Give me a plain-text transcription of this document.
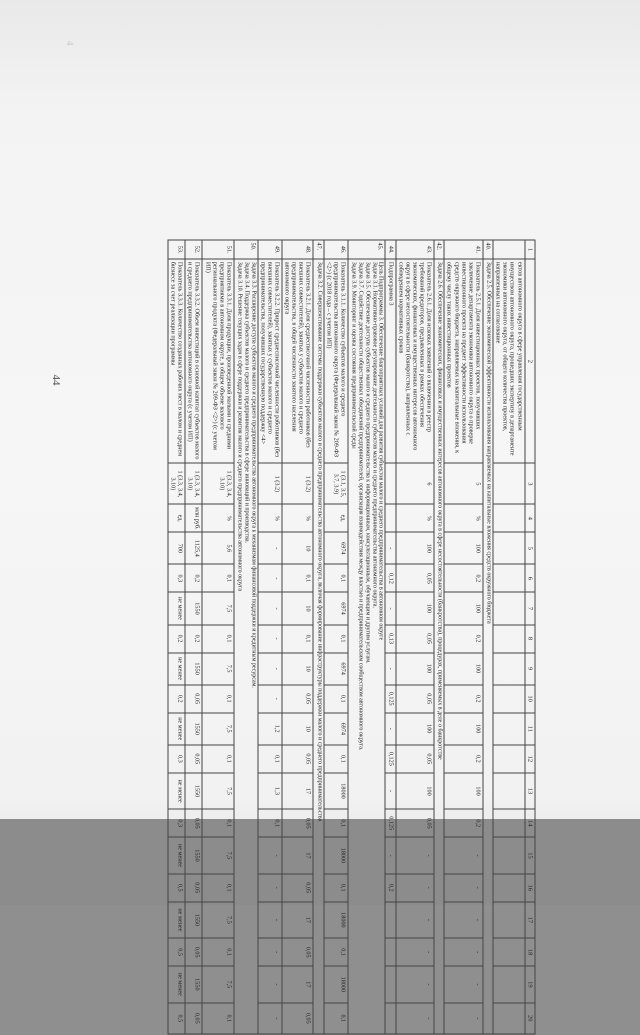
4
44
1	2	3	4	5	6	7	8	9	10	11	12	13	14	15	16	17	18	19	20
	ектов автономного округа в сфере управления государственным имуществом автономного округа, прошедших экспертизу в департаменте экономики автономного округа, от общего количества проектов, направленных на согласование																		
40.	Задача 2.5. Обеспечение экономической эффективности использования направляемых на капитальные вложения средств окружного бюджета																		
41.	Показатель 2.5.1. Доля инвестиционных проектов, получивших заключение департамента экономики автономного округа о проверке инвестиционного проекта на предмет эффективности использования средств окружного бюджета, направляемых на капитальные вложения, к общему числу таких инвестиционных проектов	5	%	100	0,2	100	0,2	100	0,2	100	0,2	100	0,2	-	-	-	-	-	-
42.	Задача 2.6. Обеспечение экономических, финансовых и имущественных интересов автономного округа в сфере несостоятельности (банкротства), процедурах, применяемых в деле о банкротстве																		
43.	Показатель 2.6.1. Доля исковых заявлений о включении в реестр требований кредиторов, предъявленных в рамках обеспечения экономических, финансовых и имущественных интересов автономного округа в сфере несостоятельности (банкротства), направленных с соблюдением нормативных сроков	6	%	100	0,05	100	0,05	100	0,05	100	0,05	100	0,05	-	-	-	-	-	-
44.	Подпрограмма 3			-	0,12	-	0,13	-	0,125	-	0,125	-	0,125	-	0,2				
45.	Цель Подпрограммы 3. Обеспечение благоприятных условий для развития субъектов малого и среднего предпринимательства в автономном округе
Задача 3.1. Нормативно-правовое регулирование деятельности субъектов малого и среднего предпринимательства автономного округа.
Задача 3.5. Обеспечение доступа субъектов малого и среднего предпринимательства к информационным, консультационным, обучающим и другим услугам.
Задача 3.7. Содействие деятельности общественных объединений предпринимателей, организация взаимодействия между властью и предпринимательским сообществом автономного округа.
Задача 3.9. Мониторинг и оценка состояния предпринимательской среды																		
46.	Показатель 3.1.1. Количество субъектов малого и среднего предпринимательства автономного округа (Федеральный закон № 209-ФЗ <2>) (с 2018 года – с учетом ИП)	1 (3.1, 3.5, 3.7, 3.9)	ед.	6974	0,1	6974	0,1	6974	0,1	6974	0,1	18000	0,1	18000	0,1	18000	0,1	18000	0,1
47.	Задача 3.2. Совершенствование системы поддержки субъектов малого и среднего предпринимательства автономного округа, включая формирование инфраструктуры поддержки малого и среднего предпринимательства																		
48.	Показатель 3.2.1. Доля среднесписочной численности работников (без внешних совместителей), занятых у субъектов малого и среднего предпринимательства, в общей численности занятого населения автономного округа	1 (3.2)	%	10	0,1	10	0,1	10	0,05	10	0,05	17	0,05	17	0,05	17	0,05	17	0,05
49.	Показатель 3.2.2. Прирост среднесписочной численности работников (без внешних совместителей), занятых у субъектов малого и среднего предпринимательства, получивших государственную поддержку <4>	1 (3.2)	%	-	-	-	-	-	-	1,2	0,1	1,3	0,1	-	-	-	-	-	-
50.	Задача 3.3. Расширение доступа субъектов малого и среднего предпринимательства автономного округа к механизмам финансовой поддержки и кредитным ресурсам.
Задача 3.4. Поддержка субъектов малого и среднего предпринимательства в сфере инноваций и производства.
Задача 3.10. Решение текущих задач в сфере поддержки и развития малого и среднего предпринимательства автономного округа																		
51.	Показатель 3.3.1. Доля продукции, произведенной малыми и средними предприятиями в автономном округе, в общем объеме валового регионального продукта (Федеральный закон № 209-ФЗ <2>) (с учетом ИП)	1 (3.3, 3.4, 3.10)	%	5,6	0,1	7,5	0,1	7,5	0,1	7,5	0,1	7,5	0,1	7,5	0,1	7,5	0,1	7,5	0,1
52.	Показатель 3.3.2. Объем инвестиций в основной капитал субъектов малого и среднего предпринимательства автономного округа (с учетом ИП)	1 (3.3, 3.4, 3.10)	млн руб.	1125,4	0,2	1550	0,2	1550	0,05	1550	0,05	1550	0,05	1550	0,05	1550	0,05	1550	0,05
53.	Показатель 3.3.3. Количество созданных рабочих мест в малом и среднем бизнесе за счет реализации программы	1 (3.3, 3.4, 3.10)	ед.	700	0,3	не менее	0,2	не менее	0,2	не менее	0,3	не менее	0,3	не менее	0,5	не менее	0,5	не менее	0,5
